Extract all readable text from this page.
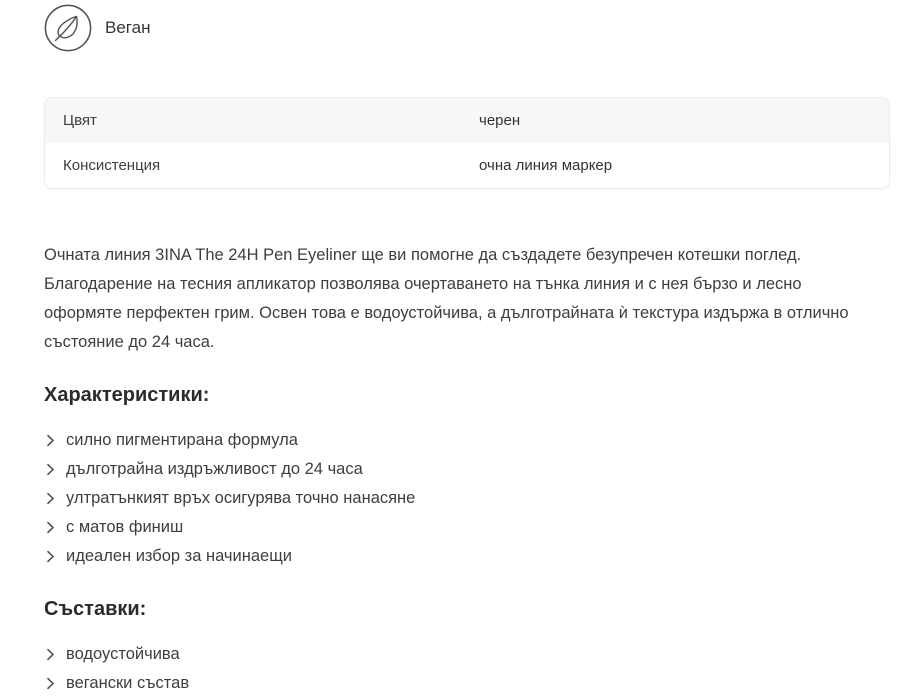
Веган
Цвят	черен
Консистенция	очна линия маркер

Очната линия 3INA The 24H Pen Eyeliner ще ви помогне да създадете безупречен котешки поглед. Благодарение на тесния апликатор позволява очертаването на тънка линия и с нея бързо и лесно оформяте перфектен грим. Освен това е водоустойчива, а дълготрайната ѝ текстура издържа в отлично състояние до 24 часа.

Характеристики:
силно пигментирана формула
дълготрайна издръжливост до 24 часа
ултратънкият връх осигурява точно нанасяне
с матов финиш
идеален избор за начинаещи
Съставки:
водоустойчива
вегански състав
